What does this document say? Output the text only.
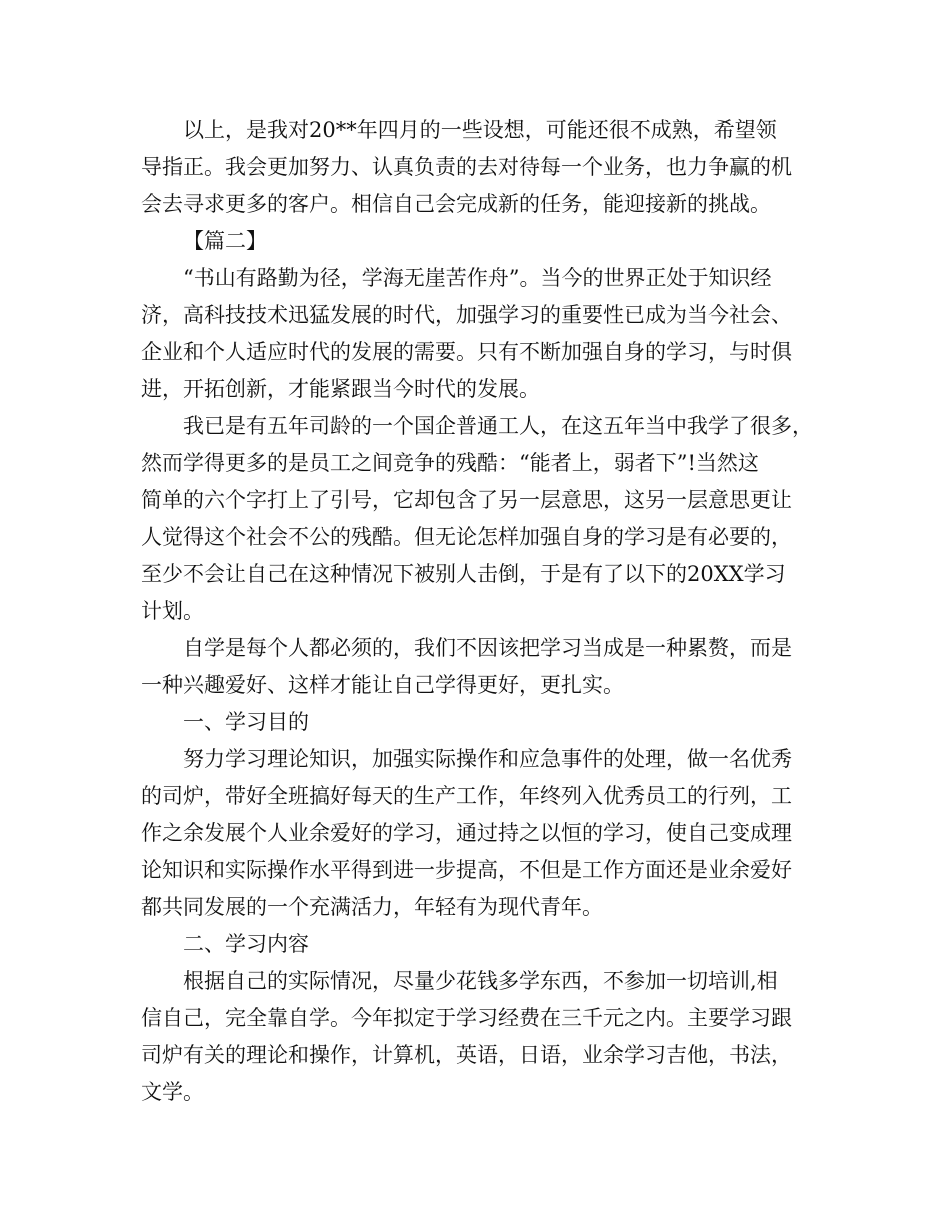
以上，是我对20**年四月的一些设想，可能还很不成熟，希望领
导指正。我会更加努力、认真负责的去对待每一个业务，也力争赢的机
会去寻求更多的客户。相信自己会完成新的任务，能迎接新的挑战。
【篇二】
“书山有路勤为径，学海无崖苦作舟”。当今的世界正处于知识经
济，高科技技术迅猛发展的时代，加强学习的重要性已成为当今社会、
企业和个人适应时代的发展的需要。只有不断加强自身的学习，与时俱
进，开拓创新，才能紧跟当今时代的发展。
我已是有五年司龄的一个国企普通工人，在这五年当中我学了很多，
然而学得更多的是员工之间竞争的残酷：“能者上，弱者下”!当然这
简单的六个字打上了引号，它却包含了另一层意思，这另一层意思更让
人觉得这个社会不公的残酷。但无论怎样加强自身的学习是有必要的，
至少不会让自己在这种情况下被别人击倒，于是有了以下的20XX学习
计划。
自学是每个人都必须的，我们不因该把学习当成是一种累赘，而是
一种兴趣爱好、这样才能让自己学得更好，更扎实。
一、学习目的
努力学习理论知识，加强实际操作和应急事件的处理，做一名优秀
的司炉，带好全班搞好每天的生产工作，年终列入优秀员工的行列，工
作之余发展个人业余爱好的学习，通过持之以恒的学习，使自己变成理
论知识和实际操作水平得到进一步提高，不但是工作方面还是业余爱好
都共同发展的一个充满活力，年轻有为现代青年。
二、学习内容
根据自己的实际情况，尽量少花钱多学东西，不参加一切培训,相
信自己，完全靠自学。今年拟定于学习经费在三千元之内。主要学习跟
司炉有关的理论和操作，计算机，英语，日语，业余学习吉他，书法，
文学。
